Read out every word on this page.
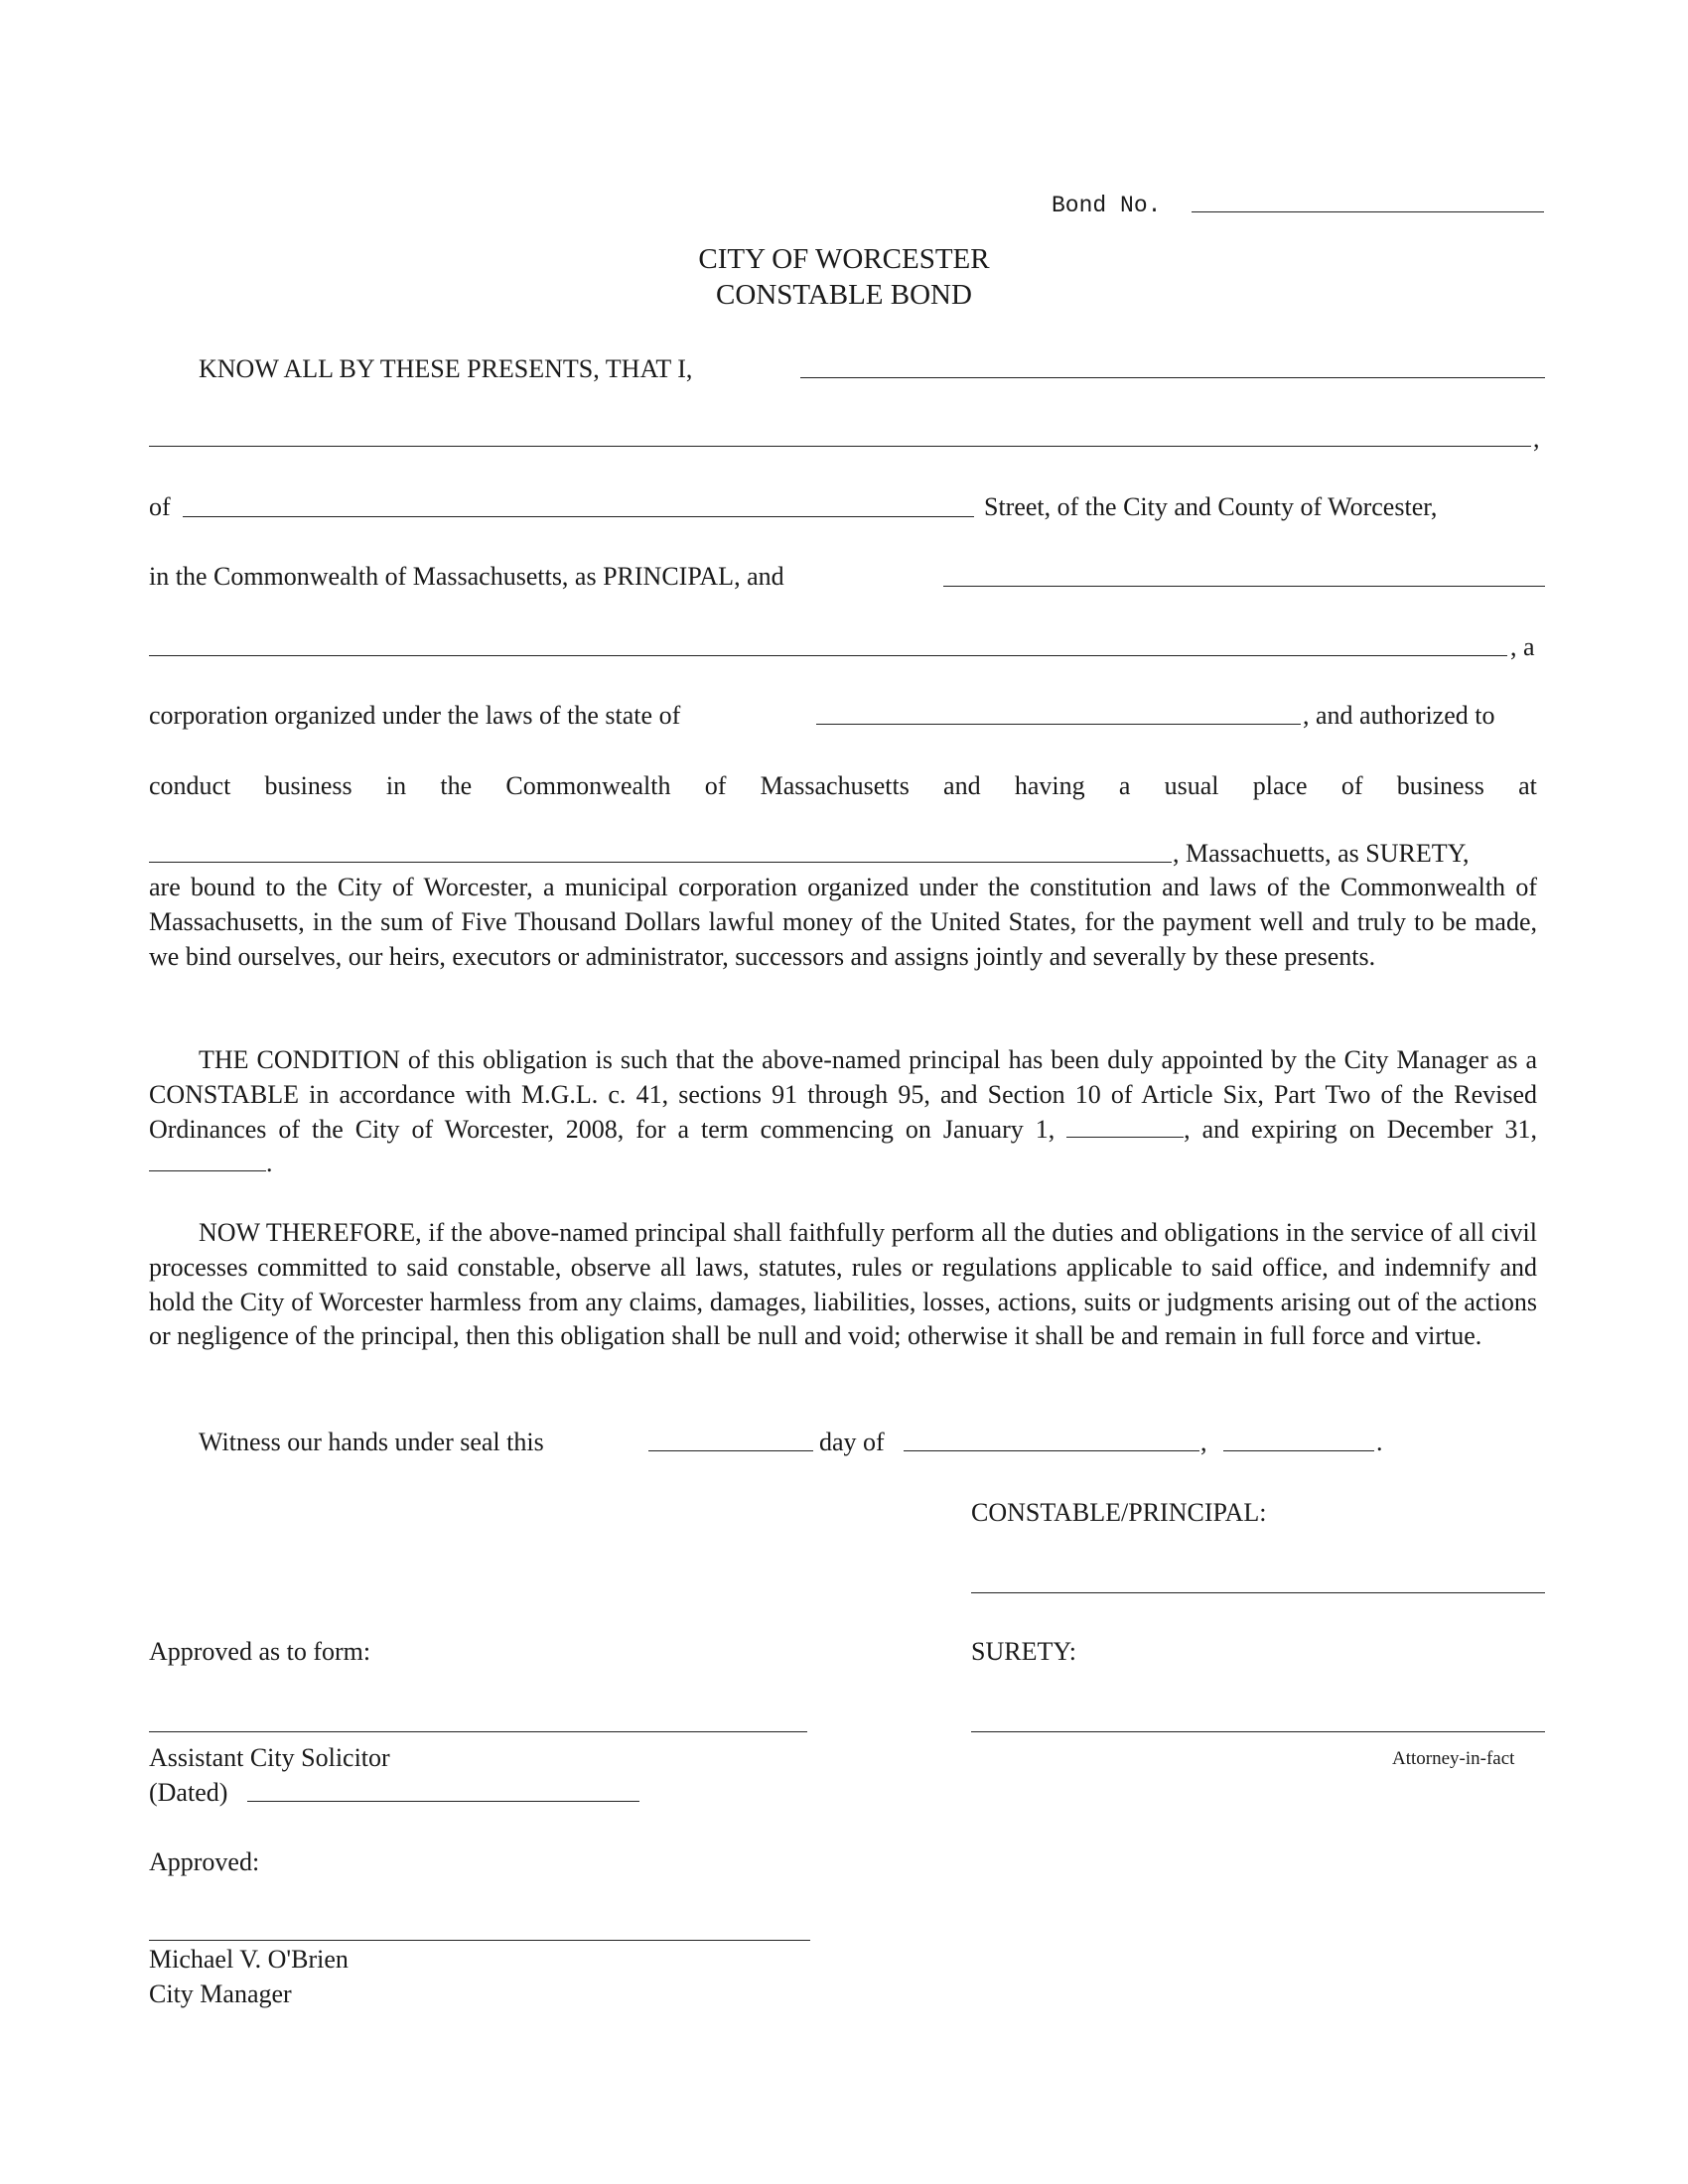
Bond No.
CITY OF WORCESTER
CONSTABLE BOND
KNOW ALL BY THESE PRESENTS, THAT I,
,
of	Street, of the City and County of Worcester,
in the Commonwealth of Massachusetts, as PRINCIPAL, and
, a
corporation organized under the laws of the state of	, and authorized to
conduct business in the Commonwealth of Massachusetts and having a usual place of business at
, Massachuetts, as SURETY,
are bound to the City of Worcester, a municipal corporation organized under the constitution and laws of the Commonwealth of Massachusetts, in the sum of Five Thousand Dollars lawful money of the United States, for the payment well and truly to be made, we bind ourselves, our heirs, executors or administrator, successors and assigns jointly and severally by these presents.
THE CONDITION of this obligation is such that the above-named principal has been duly appointed by the City Manager as a CONSTABLE in accordance with M.G.L. c. 41, sections 91 through 95, and Section 10 of Article Six, Part Two of the Revised Ordinances of the City of Worcester, 2008, for a term commencing on January 1,	, and expiring on December 31, .
NOW THEREFORE, if the above-named principal shall faithfully perform all the duties and obligations in the service of all civil processes committed to said constable, observe all laws, statutes, rules or regulations applicable to said office, and indemnify and hold the City of Worcester harmless from any claims, damages, liabilities, losses, actions, suits or judgments arising out of the actions or negligence of the principal, then this obligation shall be null and void; otherwise it shall be and remain in full force and virtue.
Witness our hands under seal this	day of	,	.
CONSTABLE/PRINCIPAL:
Approved as to form:	SURETY:
Assistant City Solicitor	Attorney-in-fact
(Dated)
Approved:
Michael V. O'Brien
City Manager
